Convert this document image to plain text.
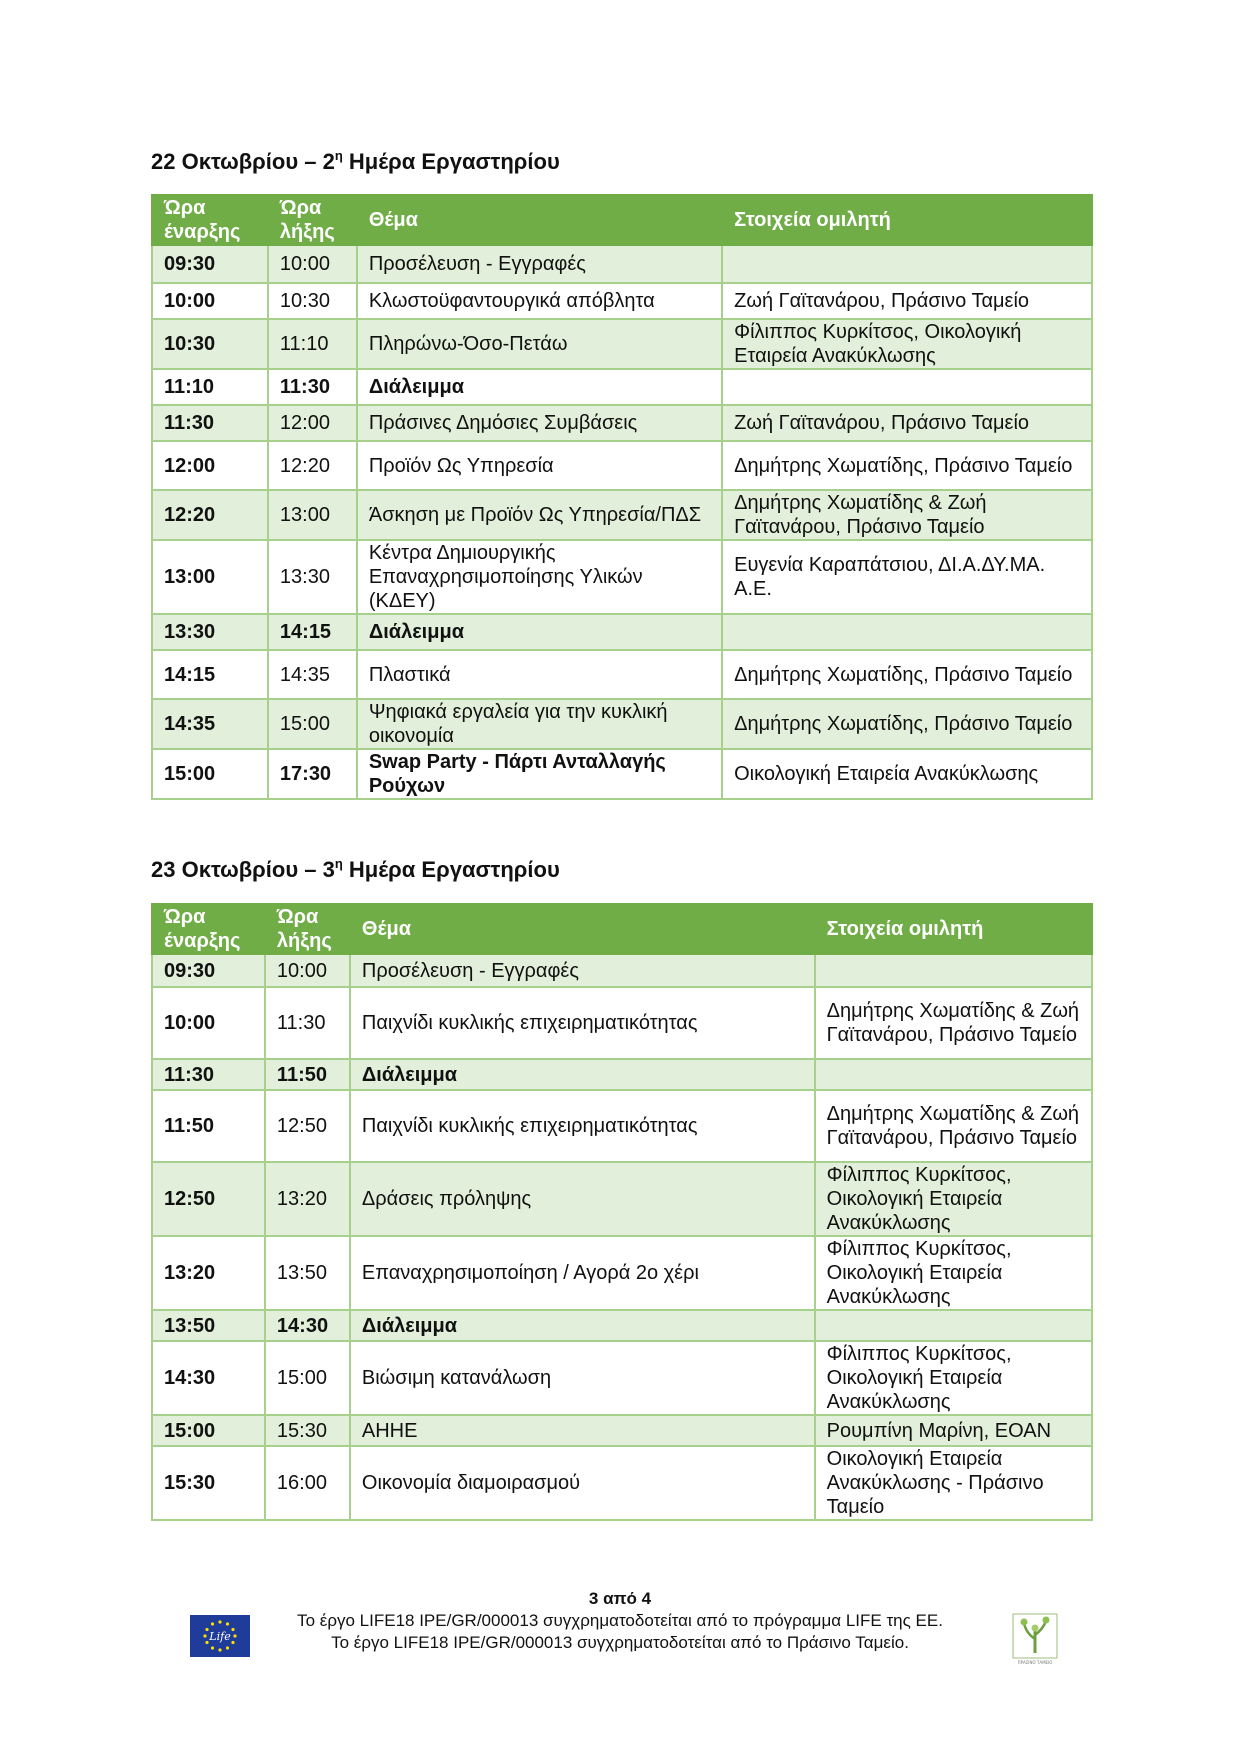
22 Οκτωβρίου – $2^\eta$ Ημέρα Εργαστηρίου
Ώρα έναρξης	Ώρα λήξης	Θέμα	Στοιχεία ομιλητή
09:30	10:00	Προσέλευση - Εγγραφές	
10:00	10:30	Κλωστοϋφαντουργικά απόβλητα	Ζωή Γαϊτανάρου, Πράσινο Ταμείο
10:30	11:10	Πληρώνω-Όσο-Πετάω	Φίλιππος Κυρκίτσος, Οικολογική Εταιρεία Ανακύκλωσης
11:10	11:30	Διάλειμμα	
11:30	12:00	Πράσινες Δημόσιες Συμβάσεις	Ζωή Γαϊτανάρου, Πράσινο Ταμείο
12:00	12:20	Προϊόν Ως Υπηρεσία	Δημήτρης Χωματίδης, Πράσινο Ταμείο
12:20	13:00	Άσκηση με Προϊόν Ως Υπηρεσία/ΠΔΣ	Δημήτρης Χωματίδης & Ζωή Γαϊτανάρου, Πράσινο Ταμείο
13:00	13:30	Κέντρα Δημιουργικής Επαναχρησιμοποίησης Υλικών (ΚΔΕΥ)	Ευγενία Καραπάτσιου, ΔΙ.Α.ΔΥ.ΜΑ. Α.Ε.
13:30	14:15	Διάλειμμα	
14:15	14:35	Πλαστικά	Δημήτρης Χωματίδης, Πράσινο Ταμείο
14:35	15:00	Ψηφιακά εργαλεία για την κυκλική οικονομία	Δημήτρης Χωματίδης, Πράσινο Ταμείο
15:00	17:30	Swap Party - Πάρτι Ανταλλαγής Ρούχων	Οικολογική Εταιρεία Ανακύκλωσης
23 Οκτωβρίου – $3^\eta$ Ημέρα Εργαστηρίου
Ώρα έναρξης	Ώρα λήξης	Θέμα	Στοιχεία ομιλητή
09:30	10:00	Προσέλευση - Εγγραφές	
10:00	11:30	Παιχνίδι κυκλικής επιχειρηματικότητας	Δημήτρης Χωματίδης & Ζωή Γαϊτανάρου, Πράσινο Ταμείο
11:30	11:50	Διάλειμμα	
11:50	12:50	Παιχνίδι κυκλικής επιχειρηματικότητας	Δημήτρης Χωματίδης & Ζωή Γαϊτανάρου, Πράσινο Ταμείο
12:50	13:20	Δράσεις πρόληψης	Φίλιππος Κυρκίτσος, Οικολογική Εταιρεία Ανακύκλωσης
13:20	13:50	Επαναχρησιμοποίηση / Αγορά 2ο χέρι	Φίλιππος Κυρκίτσος, Οικολογική Εταιρεία Ανακύκλωσης
13:50	14:30	Διάλειμμα	
14:30	15:00	Βιώσιμη κατανάλωση	Φίλιππος Κυρκίτσος, Οικολογική Εταιρεία Ανακύκλωσης
15:00	15:30	ΑΗΗΕ	Ρουμπίνη Μαρίνη, ΕΟΑΝ
15:30	16:00	Οικονομία διαμοιρασμού	Οικολογική Εταιρεία Ανακύκλωσης - Πράσινο Ταμείο
3 από 4
Το έργο LIFE18 IPE/GR/000013 συγχρηματοδοτείται από το πρόγραμμα LIFE της ΕΕ.
Το έργο LIFE18 IPE/GR/000013 συγχρηματοδοτείται από το Πράσινο Ταμείο.
Life
ΠΡΑΣΙΝΟ ΤΑΜΕΙΟ
